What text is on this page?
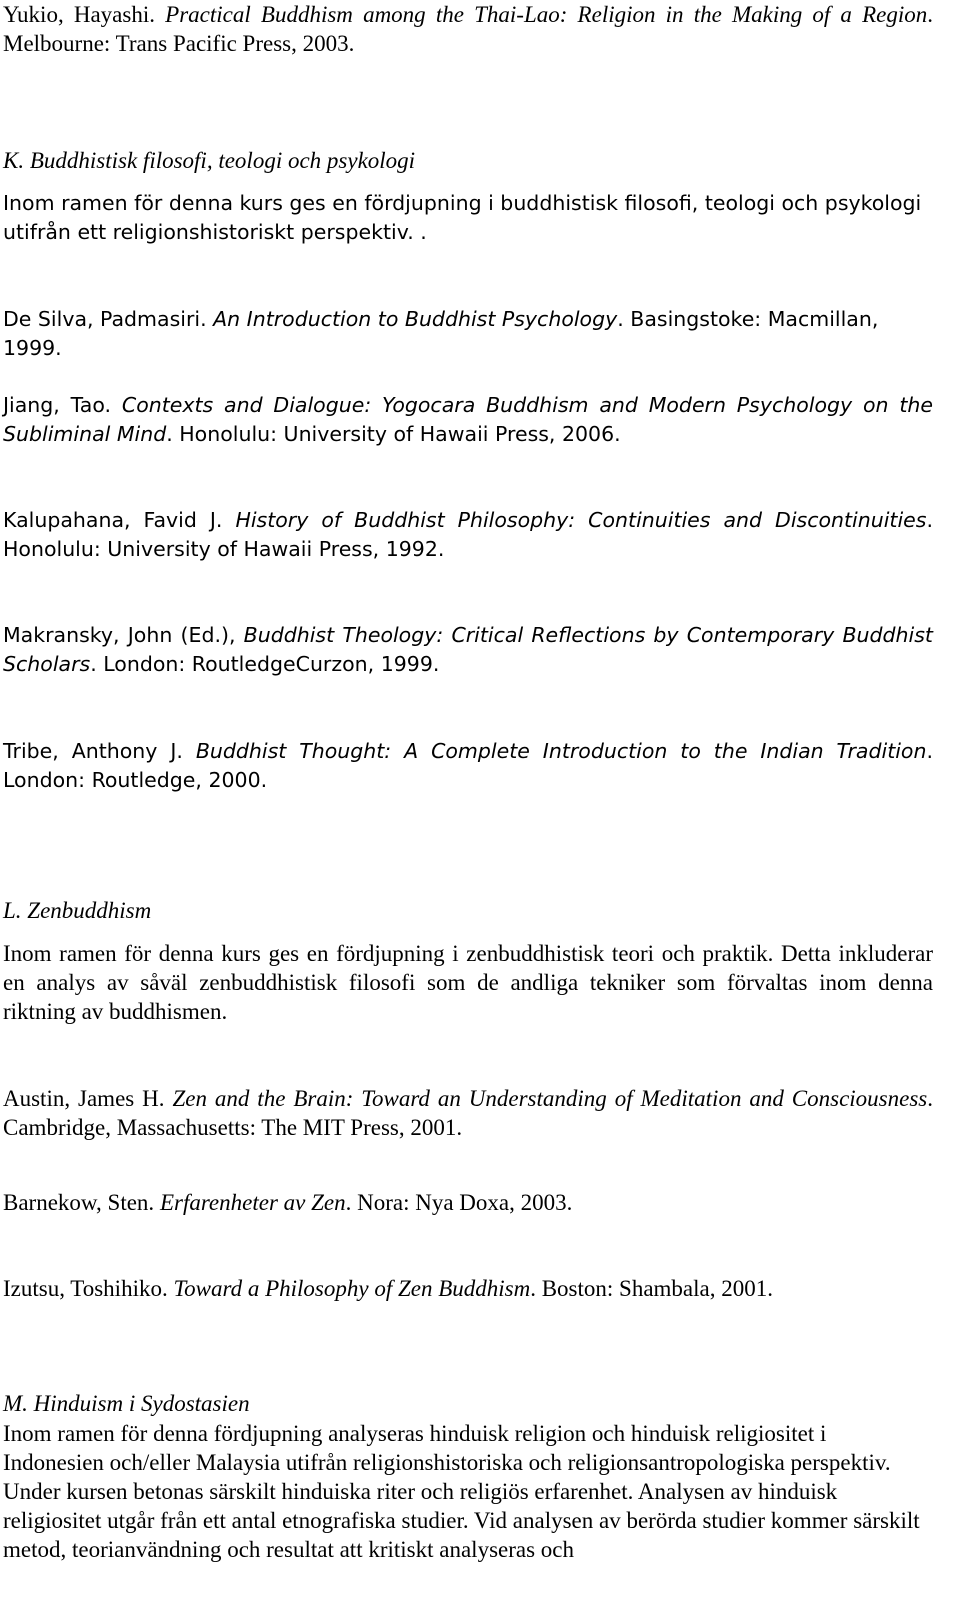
Yukio, Hayashi. Practical Buddhism among the Thai-Lao: Religion in the Making of a Region. Melbourne: Trans Pacific Press, 2003.

K. Buddhistisk filosofi, teologi och psykologi

Inom ramen för denna kurs ges en fördjupning i buddhistisk filosofi, teologi och psykologi utifrån ett religionshistoriskt perspektiv. .

De Silva, Padmasiri. An Introduction to Buddhist Psychology. Basingstoke: Macmillan, 1999.

Jiang, Tao. Contexts and Dialogue: Yogocara Buddhism and Modern Psychology on the Subliminal Mind. Honolulu: University of Hawaii Press, 2006.

Kalupahana, Favid J. History of Buddhist Philosophy: Continuities and Discontinuities. Honolulu: University of Hawaii Press, 1992.

Makransky, John (Ed.), Buddhist Theology: Critical Reflections by Contemporary Buddhist Scholars. London: RoutledgeCurzon, 1999.

Tribe, Anthony J. Buddhist Thought: A Complete Introduction to the Indian Tradition. London: Routledge, 2000.

L. Zenbuddhism

Inom ramen för denna kurs ges en fördjupning i zenbuddhistisk teori och praktik. Detta inkluderar en analys av såväl zenbuddhistisk filosofi som de andliga tekniker som förvaltas inom denna riktning av buddhismen.

Austin, James H. Zen and the Brain: Toward an Understanding of Meditation and Consciousness. Cambridge, Massachusetts: The MIT Press, 2001.

Barnekow, Sten. Erfarenheter av Zen. Nora: Nya Doxa, 2003.

Izutsu, Toshihiko. Toward a Philosophy of Zen Buddhism. Boston: Shambala, 2001.

M. Hinduism i Sydostasien

Inom ramen för denna fördjupning analyseras hinduisk religion och hinduisk religiositet i Indonesien och/eller Malaysia utifrån religionshistoriska och religionsantropologiska perspektiv. Under kursen betonas särskilt hinduiska riter och religiös erfarenhet. Analysen av hinduisk religiositet utgår från ett antal etnografiska studier. Vid analysen av berörda studier kommer särskilt metod, teorianvändning och resultat att kritiskt analyseras och
